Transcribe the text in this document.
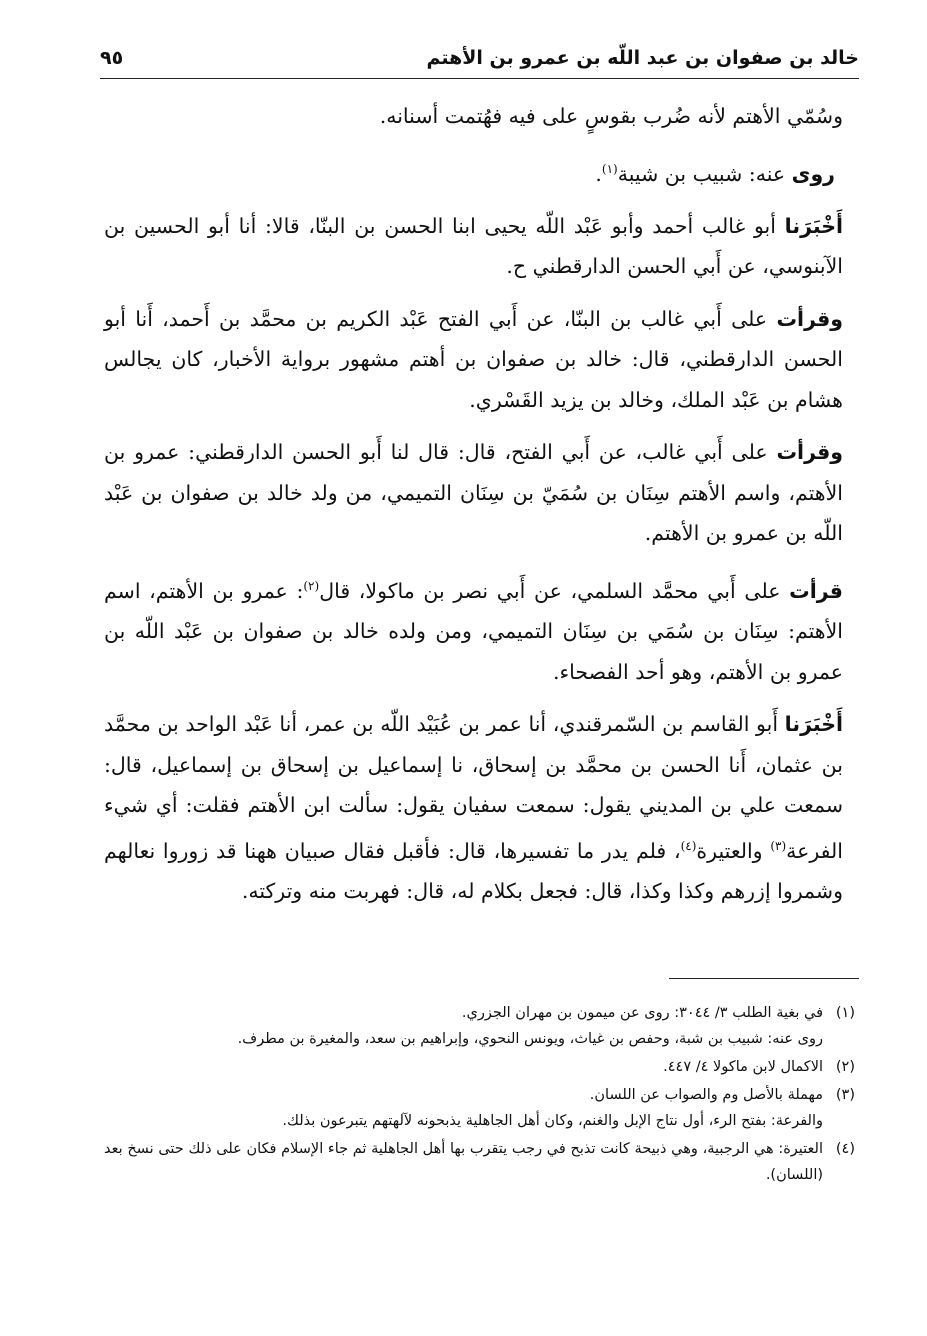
خالد بن صفوان بن عبد اللّه بن عمرو بن الأهتم
٩٥

وسُمّي الأهتم لأنه ضُرب بقوسٍ على فيه فهُتمت أسنانه.

روى عنه: شبيب بن شيبة$^{(١)}$.

أَخْبَرَنا أبو غالب أحمد وأبو عَبْد اللّه يحيى ابنا الحسن بن البنّا، قالا: أنا أبو الحسين بن الآبنوسي، عن أَبي الحسن الدارقطني ح.

وقرأت على أَبي غالب بن البنّا، عن أَبي الفتح عَبْد الكريم بن محمَّد بن أَحمد، أَنا أبو الحسن الدارقطني، قال: خالد بن صفوان بن أهتم مشهور برواية الأخبار، كان يجالس هشام بن عَبْد الملك، وخالد بن يزيد القَسْري.

وقرأت على أَبي غالب، عن أَبي الفتح، قال: قال لنا أَبو الحسن الدارقطني: عمرو بن الأهتم، واسم الأهتم سِنَان بن سُمَيّ بن سِنَان التميمي، من ولد خالد بن صفوان بن عَبْد اللّه بن عمرو بن الأهتم.

قرأت على أَبي محمَّد السلمي، عن أَبي نصر بن ماكولا، قال$^{(٢)}$: عمرو بن الأهتم، اسم الأهتم: سِنَان بن سُمَي بن سِنَان التميمي، ومن ولده خالد بن صفوان بن عَبْد اللّه بن عمرو بن الأهتم، وهو أحد الفصحاء.

أَخْبَرَنا أَبو القاسم بن السّمرقندي، أنا عمر بن عُبَيْد اللّه بن عمر، أنا عَبْد الواحد بن محمَّد بن عثمان، أَنا الحسن بن محمَّد بن إسحاق، نا إسماعيل بن إسحاق بن إسماعيل، قال: سمعت علي بن المديني يقول: سمعت سفيان يقول: سألت ابن الأهتم فقلت: أي شيء الفرعة$^{(٣)}$ والعتيرة$^{(٤)}$، فلم يدر ما تفسيرها، قال: فأقبل فقال صبيان ههنا قد زوروا نعالهم وشمروا إزرهم وكذا وكذا، قال: فجعل بكلام له، قال: فهربت منه وتركته.

(١)
في بغية الطلب ٣/ ٣٠٤٤: روى عن ميمون بن مهران الجزري.
روى عنه: شبيب بن شبة، وحفص بن غياث، ويونس النحوي، وإبراهيم بن سعد، والمغيرة بن مطرف.
(٢)
الاكمال لابن ماكولا ٤/ ٤٤٧.
(٣)
مهملة بالأصل وم والصواب عن اللسان.
والفرعة: بفتح الرء، أول نتاج الإبل والغنم، وكان أهل الجاهلية يذبحونه لآلهتهم يتبرعون بذلك.
(٤)
العتيرة: هي الرجبية، وهي ذبيحة كانت تذبح في رجب يتقرب بها أهل الجاهلية ثم جاء الإسلام فكان على ذلك حتى نسخ بعد (اللسان).
